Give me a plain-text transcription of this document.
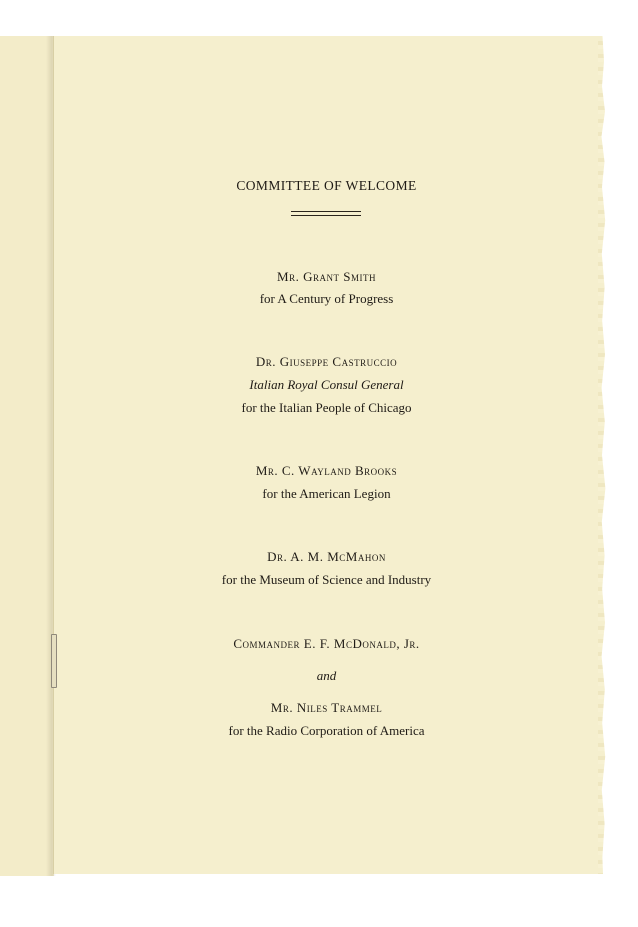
COMMITTEE OF WELCOME
Mr. Grant Smith
for A Century of Progress
Dr. Giuseppe Castruccio
Italian Royal Consul General
for the Italian People of Chicago
Mr. C. Wayland Brooks
for the American Legion
Dr. A. M. McMahon
for the Museum of Science and Industry
Commander E. F. McDonald, Jr.
and
Mr. Niles Trammel
for the Radio Corporation of America
